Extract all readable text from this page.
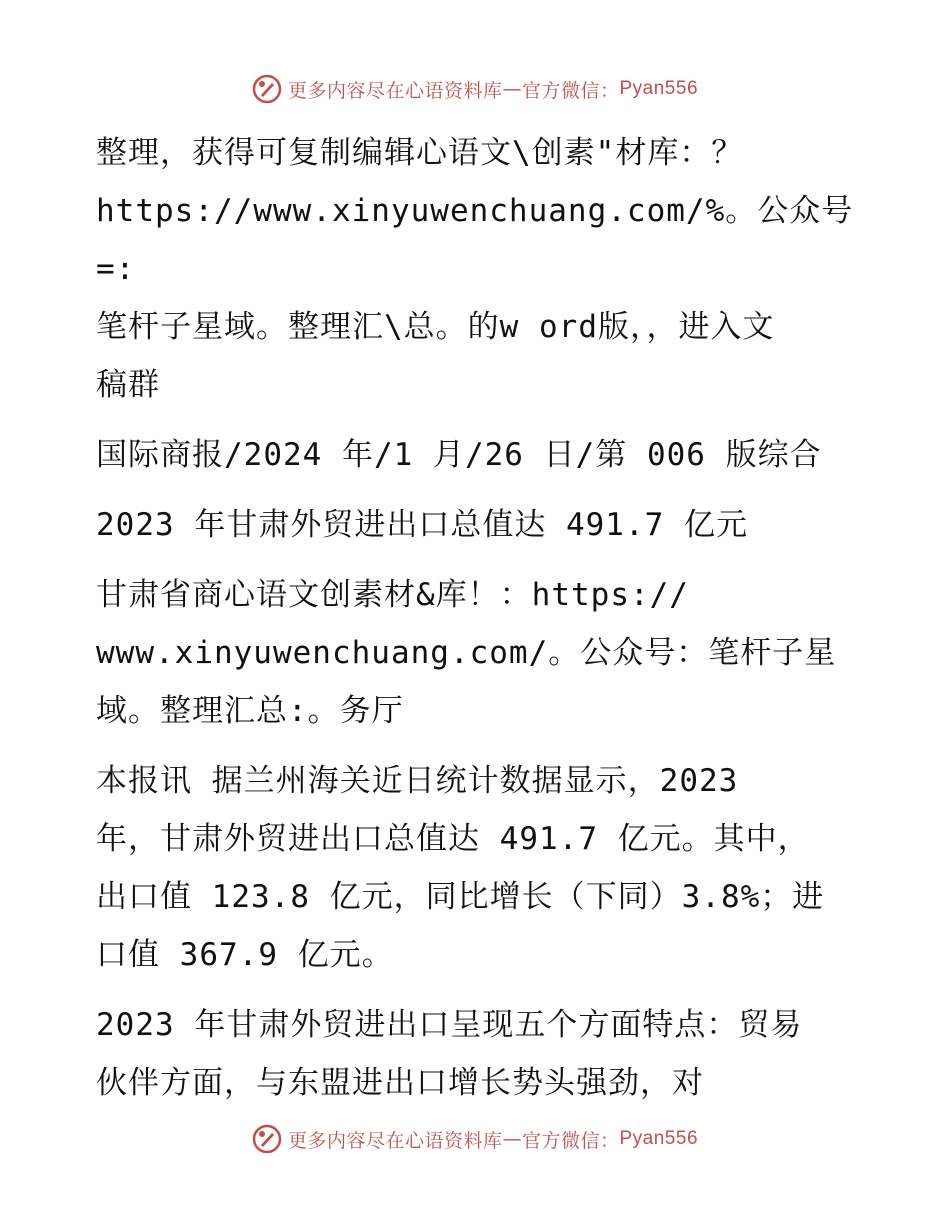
更多内容尽在心语资料库 — 官方微信： Pyan556

整理，获得可复制编辑心语文\创素"材库：？
https://www.xinyuwenchuang.com/%。公众号=:
笔杆子星域。整理汇\总。的w ord版，，进入文
稿群

国际商报/2024 年/1 月/26 日/第 006 版综合

2023 年甘肃外贸进出口总值达 491.7 亿元

甘肃省商心语文创素材&库！：https://
www.xinyuwenchuang.com/。公众号：笔杆子星
域。整理汇总:。务厅

本报讯 据兰州海关近日统计数据显示，2023
年，甘肃外贸进出口总值达 491.7 亿元。其中，
出口值 123.8 亿元，同比增长（下同）3.8%；进
口值 367.9 亿元。

2023 年甘肃外贸进出口呈现五个方面特点：贸易
伙伴方面，与东盟进出口增长势头强劲，对

更多内容尽在心语资料库 — 官方微信： Pyan556
